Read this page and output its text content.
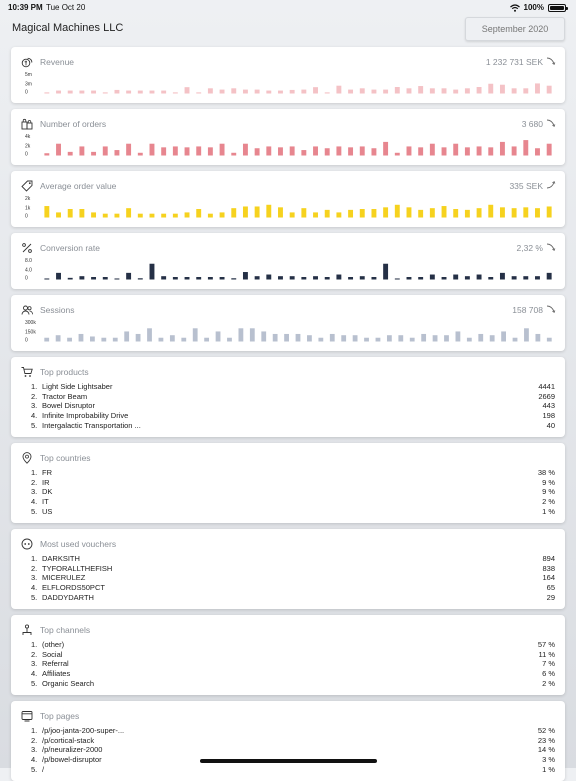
10:39 PM Tue Oct 20	100%
Magical Machines LLC	September 2020
Revenue	1 232 731 SEK
5m
3m
0
Number of orders	3 680
4k
2k
0
Average order value	335 SEK
2k
1k
0
Conversion rate	2,32 %
8.0
4.0
0
Sessions	158 708
300k
150k
0
Top products
1. Light Side Lightsaber	4441
2. Tractor Beam	2669
3. Bowel Disruptor	443
4. Infinite Improbability Drive	198
5. Intergalactic Transportation ...	40
Top countries
1. FR	38 %
2. IR	9 %
3. DK	9 %
4. IT	2 %
5. US	1 %
Most used vouchers
1. DARKSITH	894
2. TYFORALLTHEFISH	838
3. MICERULEZ	164
4. ELFLORDS50PCT	65
5. DADDYDARTH	29
Top channels
1. (other)	57 %
2. Social	11 %
3. Referral	7 %
4. Affiliates	6 %
5. Organic Search	2 %
Top pages
1. /p/joo-janta-200-super-...	52 %
2. /p/cortical-stack	23 %
3. /p/neuralizer-2000	14 %
4. /p/bowel-disruptor	3 %
5. /	1 %
